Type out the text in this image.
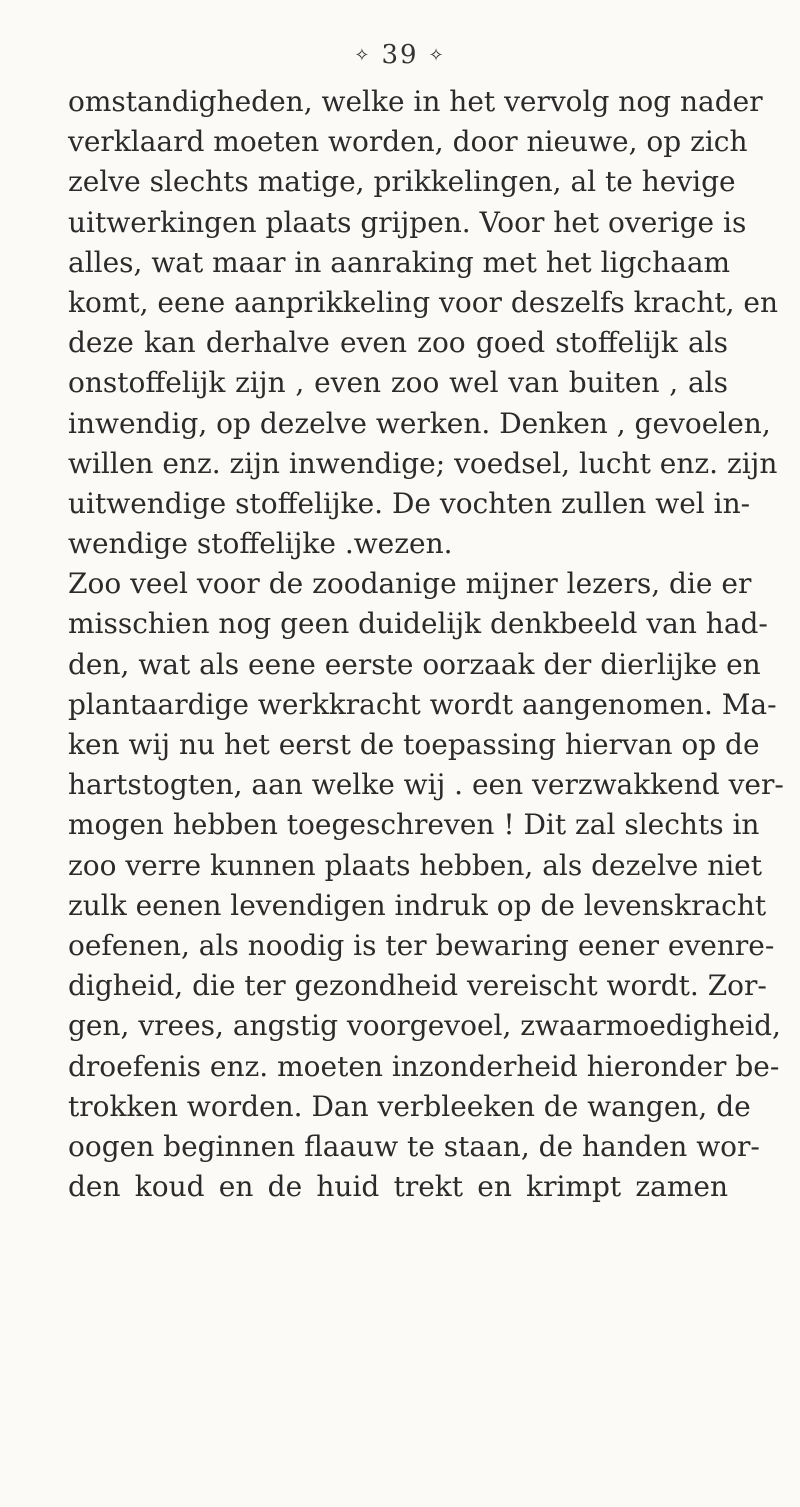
✧ 39 ✧
omstandigheden, welke in het vervolg nog nader
verklaard moeten worden, door nieuwe, op zich
zelve slechts matige, prikkelingen, al te hevige
uitwerkingen plaats grijpen. Voor het overige is
alles, wat maar in aanraking met het ligchaam
komt, eene aanprikkeling voor deszelfs kracht, en
deze kan derhalve even zoo goed stoffelijk als
onstoffelijk zijn , even zoo wel van buiten , als
inwendig, op dezelve werken. Denken , gevoelen,
willen enz. zijn inwendige; voedsel, lucht enz. zijn
uitwendige stoffelijke. De vochten zullen wel in-
wendige stoffelijke .wezen.
Zoo veel voor de zoodanige mijner lezers, die er
misschien nog geen duidelijk denkbeeld van had-
den, wat als eene eerste oorzaak der dierlijke en
plantaardige werkkracht wordt aangenomen. Ma-
ken wij nu het eerst de toepassing hiervan op de
hartstogten, aan welke wij . een verzwakkend ver-
mogen hebben toegeschreven ! Dit zal slechts in
zoo verre kunnen plaats hebben, als dezelve niet
zulk eenen levendigen indruk op de levenskracht
oefenen, als noodig is ter bewaring eener evenre-
digheid, die ter gezondheid vereischt wordt. Zor-
gen, vrees, angstig voorgevoel, zwaarmoedigheid,
droefenis enz. moeten inzonderheid hieronder be-
trokken worden. Dan verbleeken de wangen, de
oogen beginnen flaauw te staan, de handen wor-
den koud en de huid trekt en krimpt zamen
